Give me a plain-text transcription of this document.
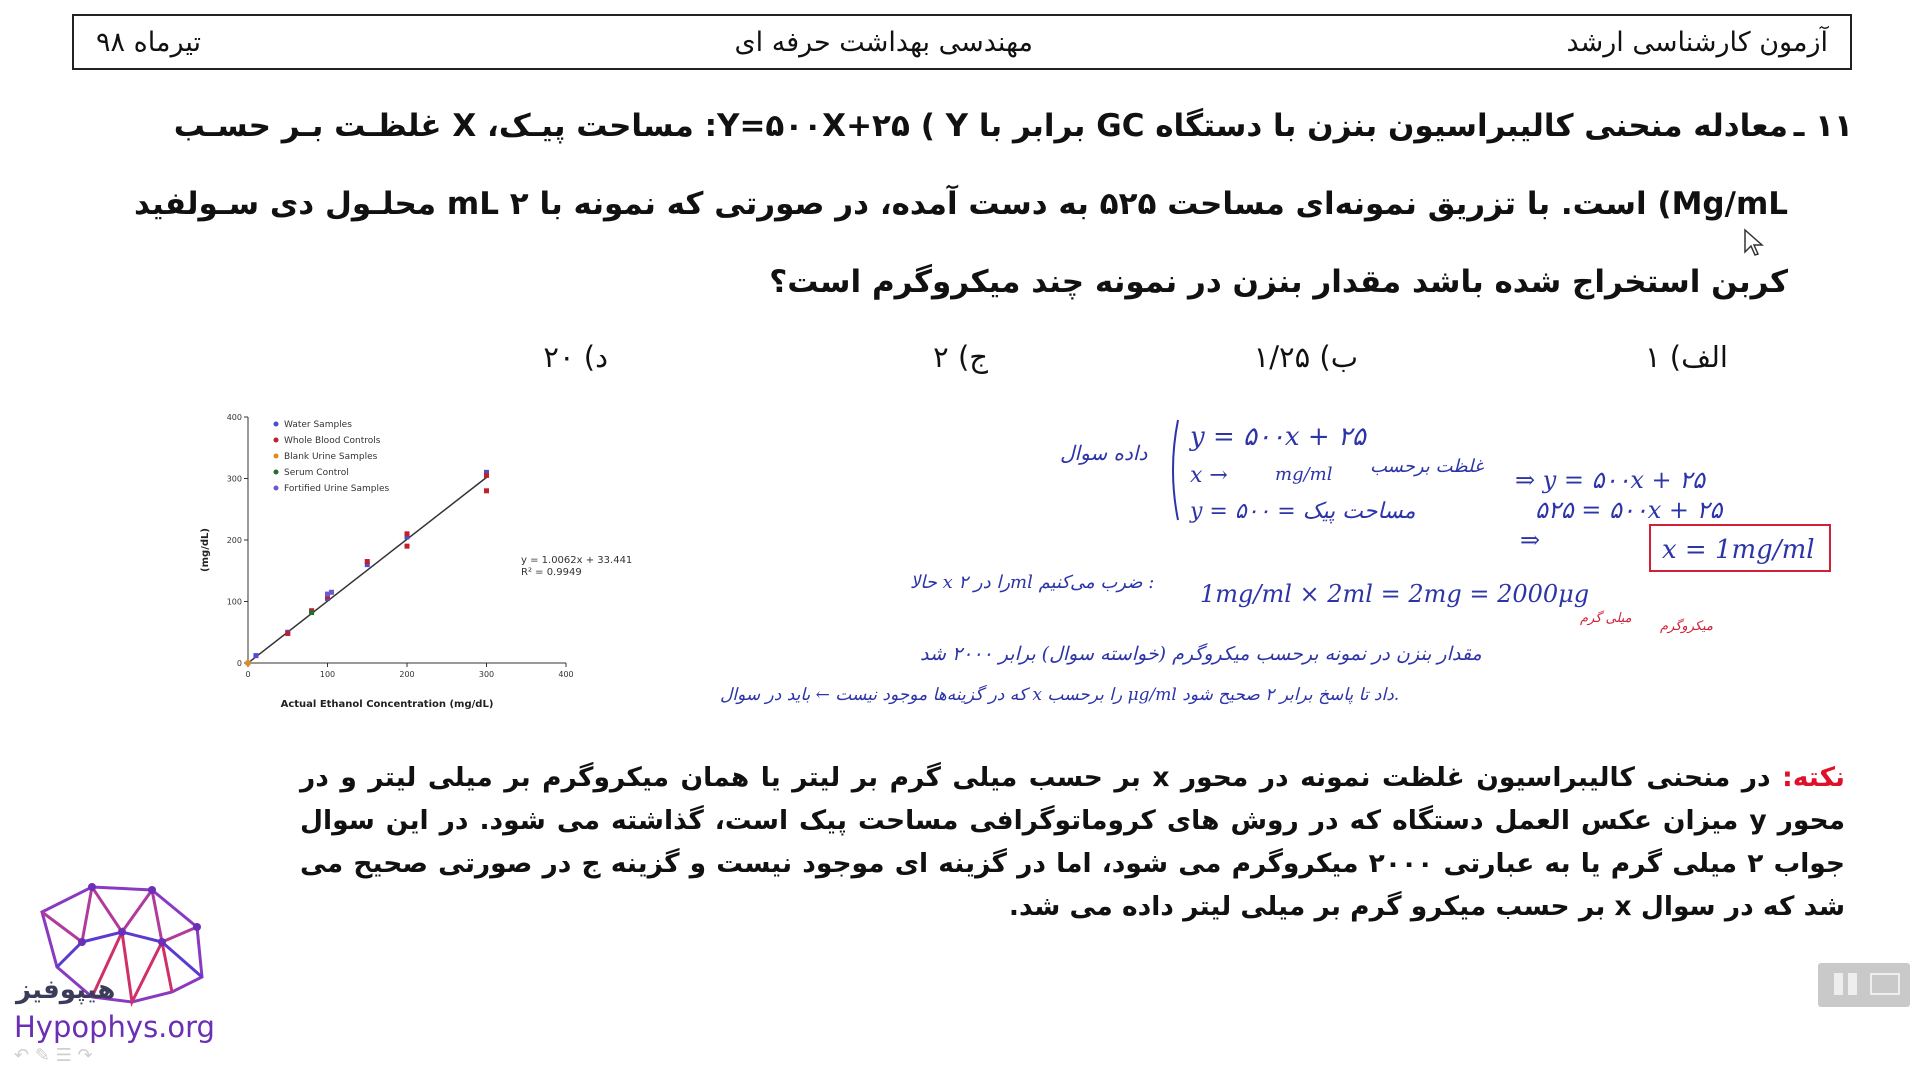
آزمون کارشناسی ارشد
مهندسی بهداشت حرفه ای
تیرماه ۹۸
۱۱ ـ
معادله منحنی کالیبراسیون بنزن با دستگاه GC برابر با Y=۵۰۰X+۲۵ ( Y: مساحت پیـک، X غلظـت بـر حسـب
Mg/mL) است. با تزریق نمونه‌ای مساحت ۵۲۵ به دست آمده، در صورتی که نمونه با ۲ mL محلـول دی سـولفید
کربن استخراج شده باشد مقدار بنزن در نمونه چند میکروگرم است؟
الف) ۱
ب) ۱/۲۵
ج) ۲
د) ۲۰
0	100	200	300	400
0
100
200
300
400
Water Samples
Whole Blood Controls
Blank Urine Samples
Serum Control
Fortified Urine Samples
y = 1.0062x + 33.441
R² = 0.9949
Actual Ethanol Concentration (mg/dL)
(mg/dL)
y = ۵۰۰x + ۲۵
داده سوال
x →	mg/ml غلظت برحسب
y = مساحت پیک = ۵۰۰
⇒ y = ۵۰۰x + ۲۵
۵۲۵ = ۵۰۰x + ۲۵
⇒	x = 1mg/ml
حالا x را در ۲ml ضرب می‌کنیم : 1mg/ml × 2ml = 2mg = 2000μg
میلی گرم
میکروگرم
مقدار بنزن در نمونه برحسب میکروگرم (خواسته سوال) برابر ۲۰۰۰ شد
که در گزینه‌ها موجود نیست ← باید در سوال x را برحسب μg/ml داد تا پاسخ برابر ۲ صحیح شود.
نکته: در منحنی کالیبراسیون غلظت نمونه در محور x بر حسب میلی گرم بر لیتر یا همان میکروگرم بر میلی لیتر و در محور y میزان عکس العمل دستگاه که در روش های کروماتوگرافی مساحت پیک است، گذاشته می شود. در این سوال جواب ۲ میلی گرم یا به عبارتی ۲۰۰۰ میکروگرم می شود، اما در گزینه ای موجود نیست و گزینه ج در صورتی صحیح می شد که در سوال x بر حسب میکرو گرم بر میلی لیتر داده می شد.
هیپوفیز
Hypophys.org
↶ ✎ ☰ ↷
